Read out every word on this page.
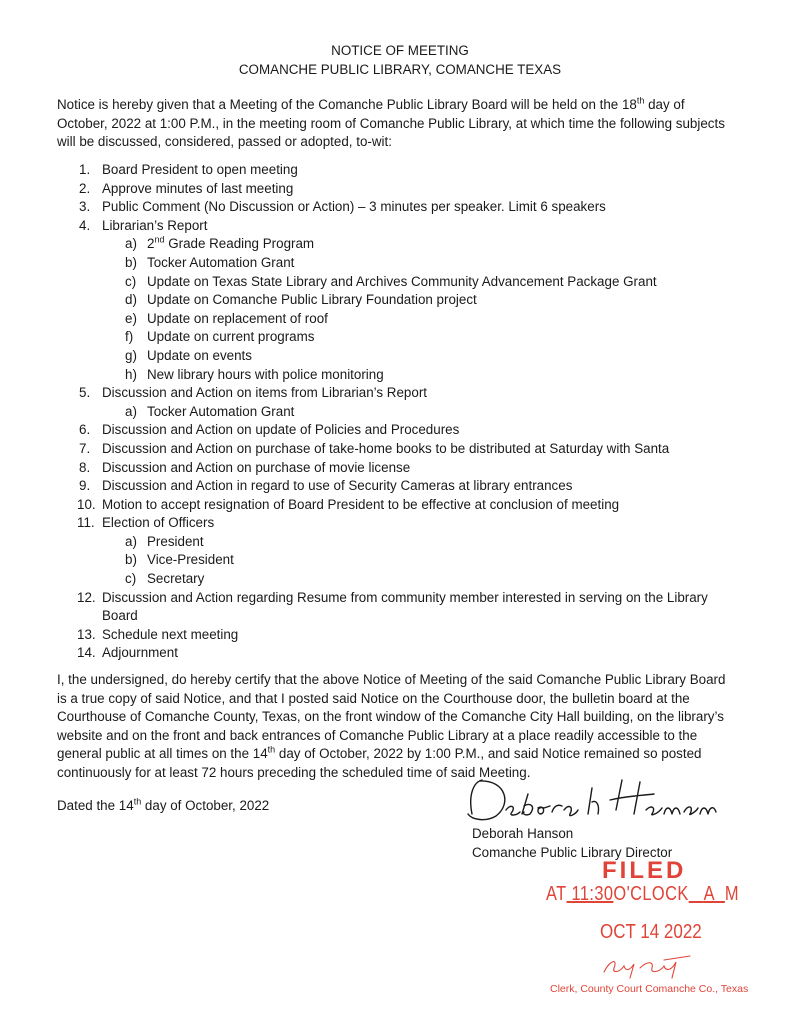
NOTICE OF MEETING
COMANCHE PUBLIC LIBRARY, COMANCHE TEXAS
Notice is hereby given that a Meeting of the Comanche Public Library Board will be held on the 18th day of
October, 2022 at 1:00 P.M., in the meeting room of Comanche Public Library, at which time the following subjects
will be discussed, considered, passed or adopted, to-wit:
1. Board President to open meeting
2. Approve minutes of last meeting
3. Public Comment (No Discussion or Action) – 3 minutes per speaker. Limit 6 speakers
4. Librarian’s Report
a) 2nd Grade Reading Program
b) Tocker Automation Grant
c) Update on Texas State Library and Archives Community Advancement Package Grant
d) Update on Comanche Public Library Foundation project
e) Update on replacement of roof
f) Update on current programs
g) Update on events
h) New library hours with police monitoring
5. Discussion and Action on items from Librarian’s Report
a) Tocker Automation Grant
6. Discussion and Action on update of Policies and Procedures
7. Discussion and Action on purchase of take-home books to be distributed at Saturday with Santa
8. Discussion and Action on purchase of movie license
9. Discussion and Action in regard to use of Security Cameras at library entrances
10. Motion to accept resignation of Board President to be effective at conclusion of meeting
11. Election of Officers
a) President
b) Vice-President
c) Secretary
12. Discussion and Action regarding Resume from community member interested in serving on the Library
Board
13. Schedule next meeting
14. Adjournment
I, the undersigned, do hereby certify that the above Notice of Meeting of the said Comanche Public Library Board
is a true copy of said Notice, and that I posted said Notice on the Courthouse door, the bulletin board at the
Courthouse of Comanche County, Texas, on the front window of the Comanche City Hall building, on the library’s
website and on the front and back entrances of Comanche Public Library at a place readily accessible to the
general public at all times on the 14th day of October, 2022 by 1:00 P.M., and said Notice remained so posted
continuously for at least 72 hours preceding the scheduled time of said Meeting.
Dated the 14th day of October, 2022
Deborah Hanson
Comanche Public Library Director
FILED
AT 11:30O'CLOCK A M
OCT 14 2022
Clerk, County Court Comanche Co., Texas
